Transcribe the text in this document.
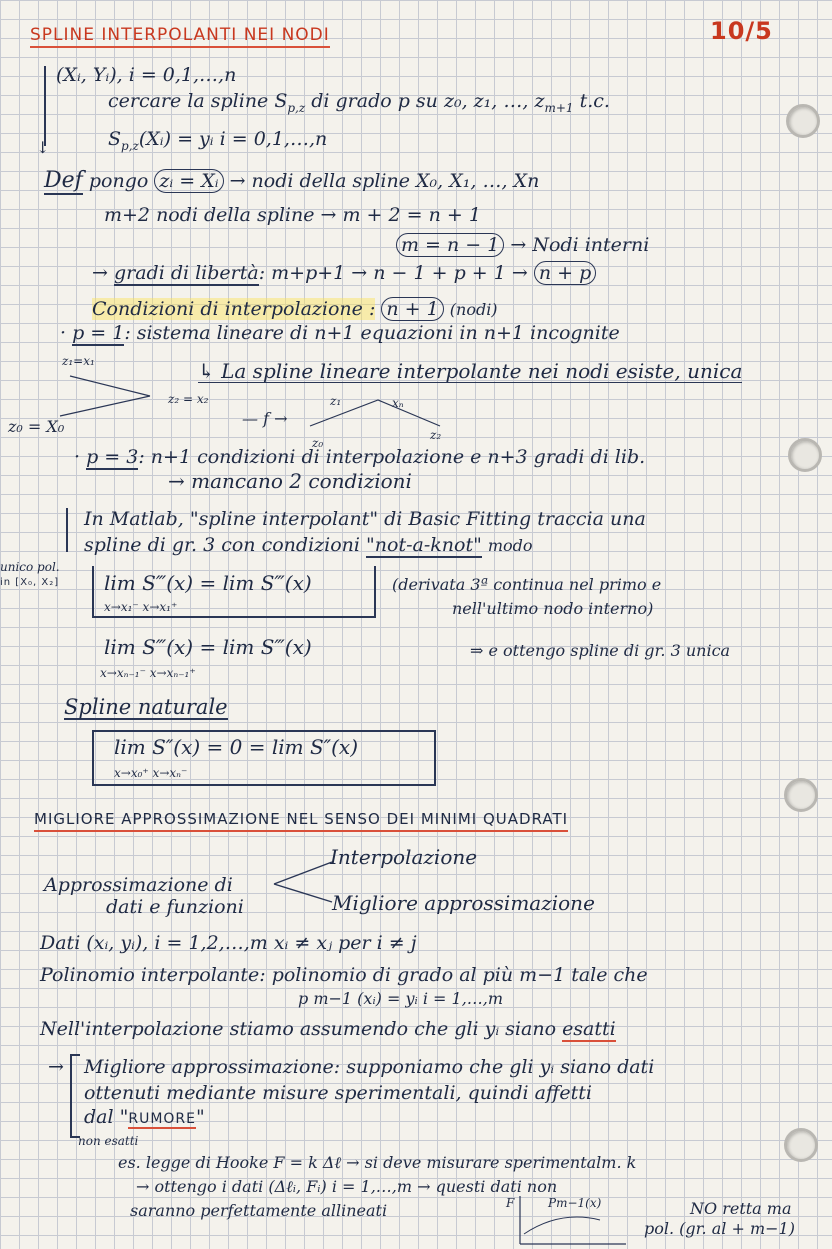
SPLINE INTERPOLANTI NEI NODI	10/5
↓
(Xᵢ, Yᵢ), i = 0,1,…,n
cercare la spline $S_{p,z}$ di grado p su z₀, z₁, …, $z_{m+1}$ t.c.
$S_{p,z}(Xᵢ)$ = yᵢ i = 0,1,…,n
Def pongo zᵢ = Xᵢ → nodi della spline X₀, X₁, …, Xn
m+2 nodi della spline → m + 2 = n + 1
m = n − 1 → Nodi interni
→ gradi di libertà: m+p+1 → n − 1 + p + 1 → n + p
Condizioni di interpolazione : n + 1 (nodi)
· p = 1: sistema lineare di n+1 equazioni in n+1 incognite
z₁=x₁	↳ La spline lineare interpolante nei nodi esiste, unica
z₂ = x₂	z₁	xₙ
— f →
z₀ = X₀
z₀
z₂
· p = 3: n+1 condizioni di interpolazione e n+3 gradi di lib.
→ mancano 2 condizioni
In Matlab, "spline interpolant" di Basic Fitting traccia una
spline di gr. 3 con condizioni "not-a-knot" modo
unico pol.
in [X₀, X₂] lim S‴(x) = lim S‴(x)
x→x₁⁻ x→x₁⁺
(derivata 3ª continua nel primo e
nell'ultimo nodo interno)
lim S‴(x) = lim S‴(x)
x→xₙ₋₁⁻ x→xₙ₋₁⁺
⇒ e ottengo spline di gr. 3 unica
Spline naturale
lim S″(x) = 0 = lim S″(x)
x→x₀⁺ x→xₙ⁻
MIGLIORE APPROSSIMAZIONE NEL SENSO DEI MINIMI QUADRATI
Interpolazione
Approssimazione di
dati e funzioni	Migliore approssimazione
Dati (xᵢ, yᵢ), i = 1,2,…,m xᵢ ≠ xⱼ per i ≠ j
Polinomio interpolante: polinomio di grado al più m−1 tale che
p m−1 (xᵢ) = yᵢ i = 1,…,m
Nell'interpolazione stiamo assumendo che gli yᵢ siano esatti
→ Migliore approssimazione: supponiamo che gli yᵢ siano dati
ottenuti mediante misure sperimentali, quindi affetti
dal "RUMORE"
non esatti
es. legge di Hooke F = k Δℓ → si deve misurare sperimentalm. k
→ ottengo i dati (Δℓᵢ, Fᵢ) i = 1,…,m → questi dati non
saranno perfettamente allineati	F	Pm−1(x)	NO retta ma
pol. (gr. al + m−1)
